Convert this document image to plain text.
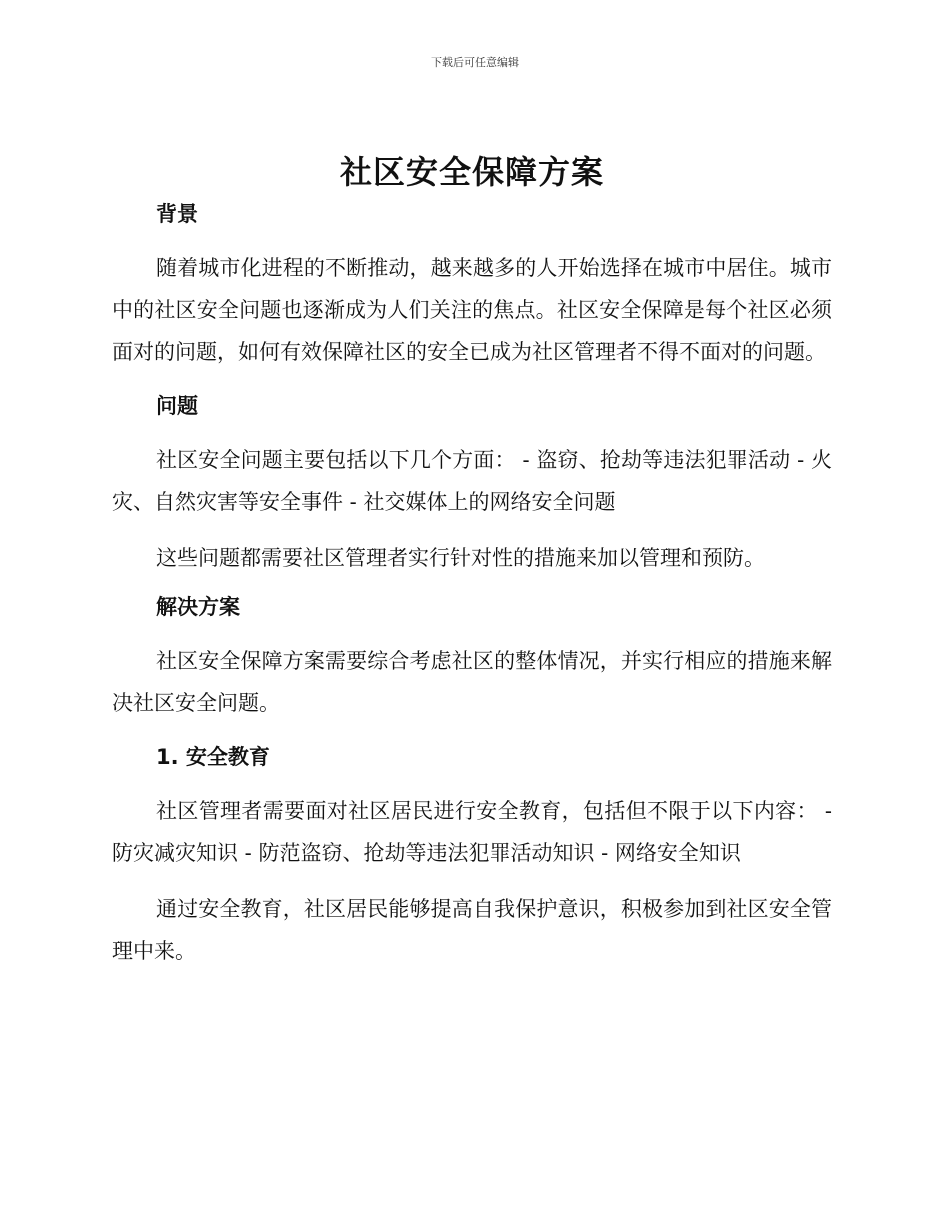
下载后可任意编辑
社区安全保障方案
背景

随着城市化进程的不断推动，越来越多的人开始选择在城市中居住。城市中的社区安全问题也逐渐成为人们关注的焦点。社区安全保障是每个社区必须面对的问题，如何有效保障社区的安全已成为社区管理者不得不面对的问题。

问题

社区安全问题主要包括以下几个方面： - 盗窃、抢劫等违法犯罪活动 - 火灾、自然灾害等安全事件 - 社交媒体上的网络安全问题

这些问题都需要社区管理者实行针对性的措施来加以管理和预防。

解决方案

社区安全保障方案需要综合考虑社区的整体情况，并实行相应的措施来解决社区安全问题。

1. 安全教育

社区管理者需要面对社区居民进行安全教育，包括但不限于以下内容： - 防灾减灾知识 - 防范盗窃、抢劫等违法犯罪活动知识 - 网络安全知识

通过安全教育，社区居民能够提高自我保护意识，积极参加到社区安全管理中来。
